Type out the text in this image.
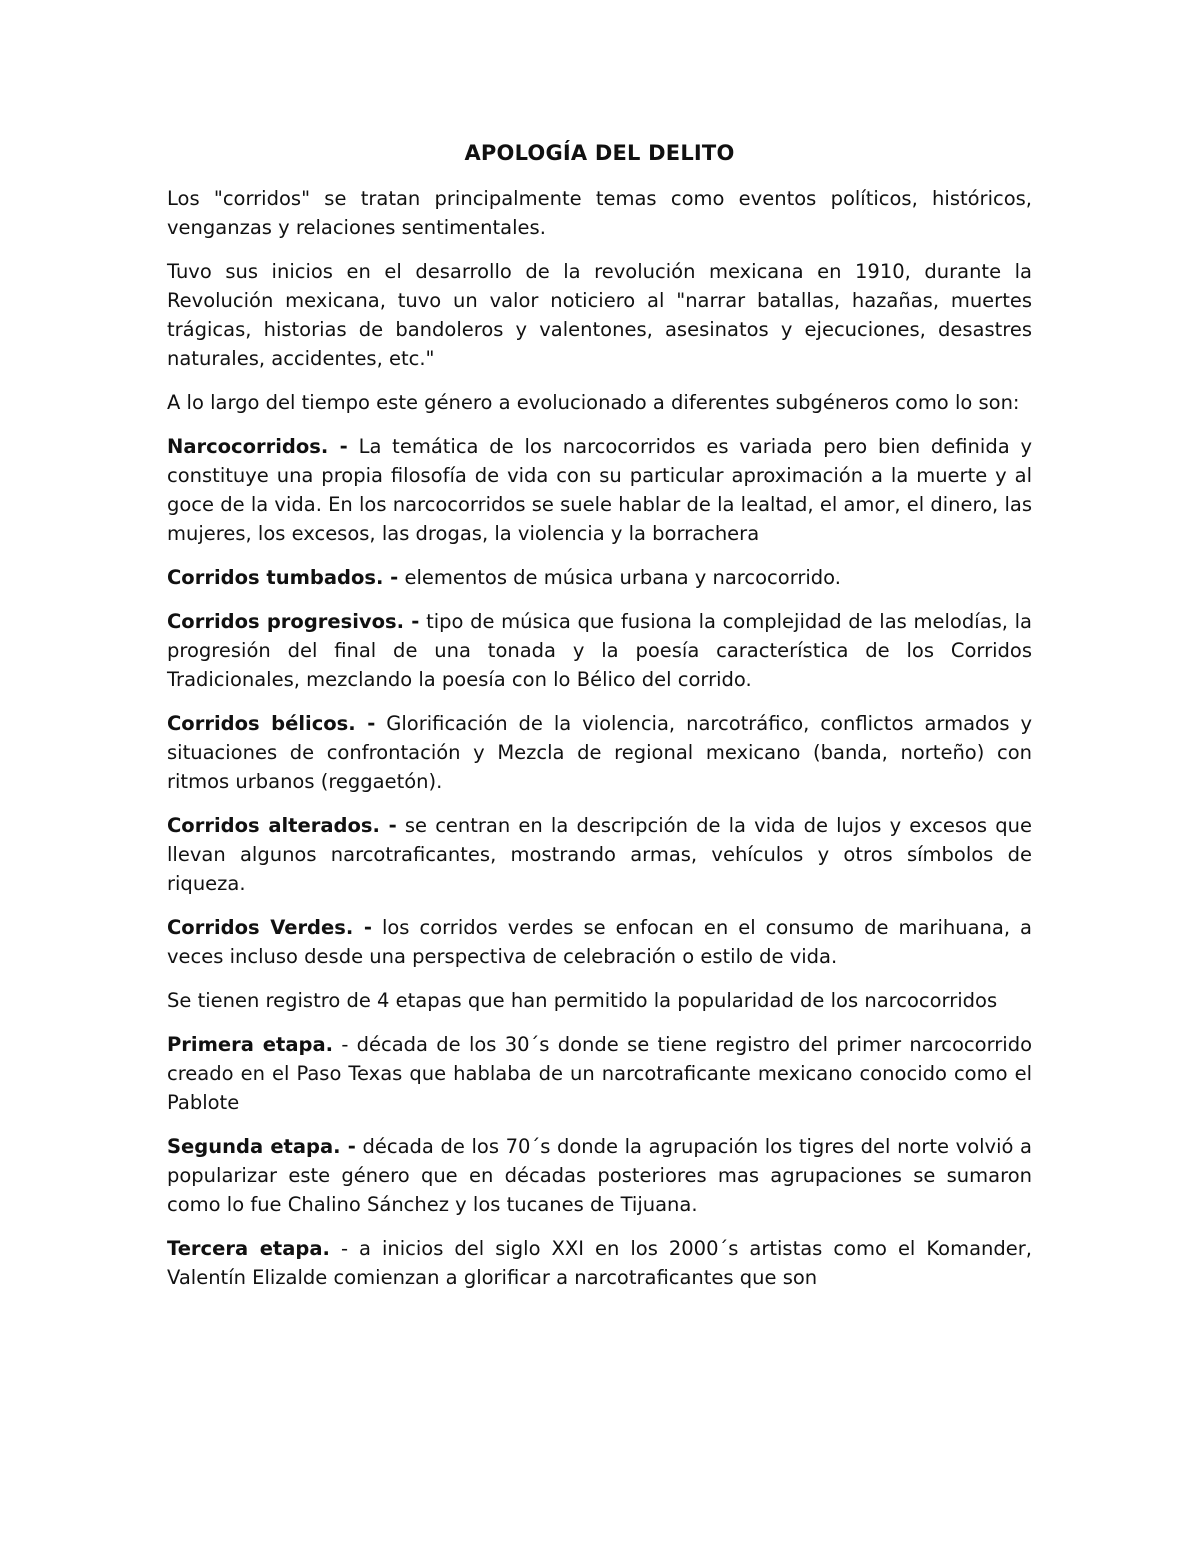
APOLOGÍA DEL DELITO

Los "corridos" se tratan principalmente temas como eventos políticos, históricos, venganzas y relaciones sentimentales.

Tuvo sus inicios en el desarrollo de la revolución mexicana en 1910, durante la Revolución mexicana, tuvo un valor noticiero al "narrar batallas, hazañas, muertes trágicas, historias de bandoleros y valentones, asesinatos y ejecuciones, desastres naturales, accidentes, etc."

A lo largo del tiempo este género a evolucionado a diferentes subgéneros como lo son:

Narcocorridos. - La temática de los narcocorridos es variada pero bien definida y constituye una propia filosofía de vida con su particular aproximación a la muerte y al goce de la vida. En los narcocorridos se suele hablar de la lealtad, el amor, el dinero, las mujeres, los excesos, las drogas, la violencia y la borrachera

Corridos tumbados. - elementos de música urbana y narcocorrido.

Corridos progresivos. - tipo de música que fusiona la complejidad de las melodías, la progresión del final de una tonada y la poesía característica de los Corridos Tradicionales, mezclando la poesía con lo Bélico del corrido.

Corridos bélicos. - Glorificación de la violencia, narcotráfico, conflictos armados y situaciones de confrontación y Mezcla de regional mexicano (banda, norteño) con ritmos urbanos (reggaetón).

Corridos alterados. - se centran en la descripción de la vida de lujos y excesos que llevan algunos narcotraficantes, mostrando armas, vehículos y otros símbolos de riqueza.

Corridos Verdes. - los corridos verdes se enfocan en el consumo de marihuana, a veces incluso desde una perspectiva de celebración o estilo de vida.

Se tienen registro de 4 etapas que han permitido la popularidad de los narcocorridos

Primera etapa. - década de los 30´s donde se tiene registro del primer narcocorrido creado en el Paso Texas que hablaba de un narcotraficante mexicano conocido como el Pablote

Segunda etapa. - década de los 70´s donde la agrupación los tigres del norte volvió a popularizar este género que en décadas posteriores mas agrupaciones se sumaron como lo fue Chalino Sánchez y los tucanes de Tijuana.

Tercera etapa. - a inicios del siglo XXI en los 2000´s artistas como el Komander, Valentín Elizalde comienzan a glorificar a narcotraficantes que son
